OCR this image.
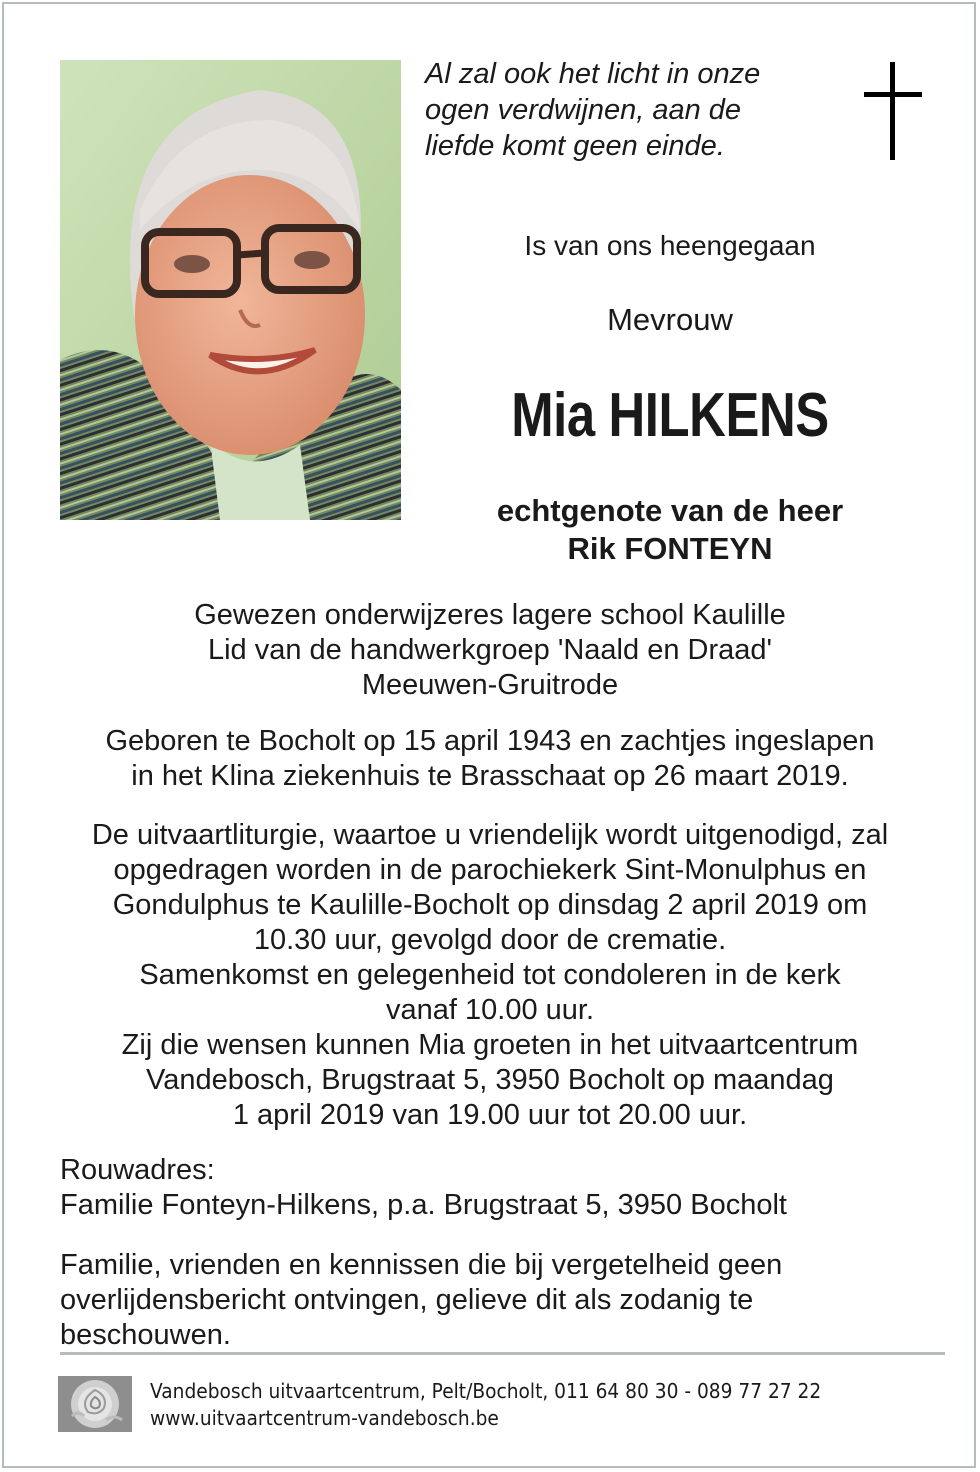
Al zal ook het licht in onze
ogen verdwijnen, aan de
liefde komt geen einde.
Is van ons heengegaan
Mevrouw
Mia HILKENS
echtgenote van de heer
Rik FONTEYN
Gewezen onderwijzeres lagere school Kaulille
Lid van de handwerkgroep 'Naald en Draad'
Meeuwen-Gruitrode
Geboren te Bocholt op 15 april 1943 en zachtjes ingeslapen
in het Klina ziekenhuis te Brasschaat op 26 maart 2019.
De uitvaartliturgie, waartoe u vriendelijk wordt uitgenodigd, zal
opgedragen worden in de parochiekerk Sint-Monulphus en
Gondulphus te Kaulille-Bocholt op dinsdag 2 april 2019 om
10.30 uur, gevolgd door de crematie.
Samenkomst en gelegenheid tot condoleren in de kerk
vanaf 10.00 uur.
Zij die wensen kunnen Mia groeten in het uitvaartcentrum
Vandebosch, Brugstraat 5, 3950 Bocholt op maandag
1 april 2019 van 19.00 uur tot 20.00 uur.
Rouwadres:
Familie Fonteyn-Hilkens, p.a. Brugstraat 5, 3950 Bocholt
Familie, vrienden en kennissen die bij vergetelheid geen
overlijdensbericht ontvingen, gelieve dit als zodanig te
beschouwen.
Vandebosch uitvaartcentrum, Pelt/Bocholt, 011 64 80 30 - 089 77 27 22
www.uitvaartcentrum-vandebosch.be
